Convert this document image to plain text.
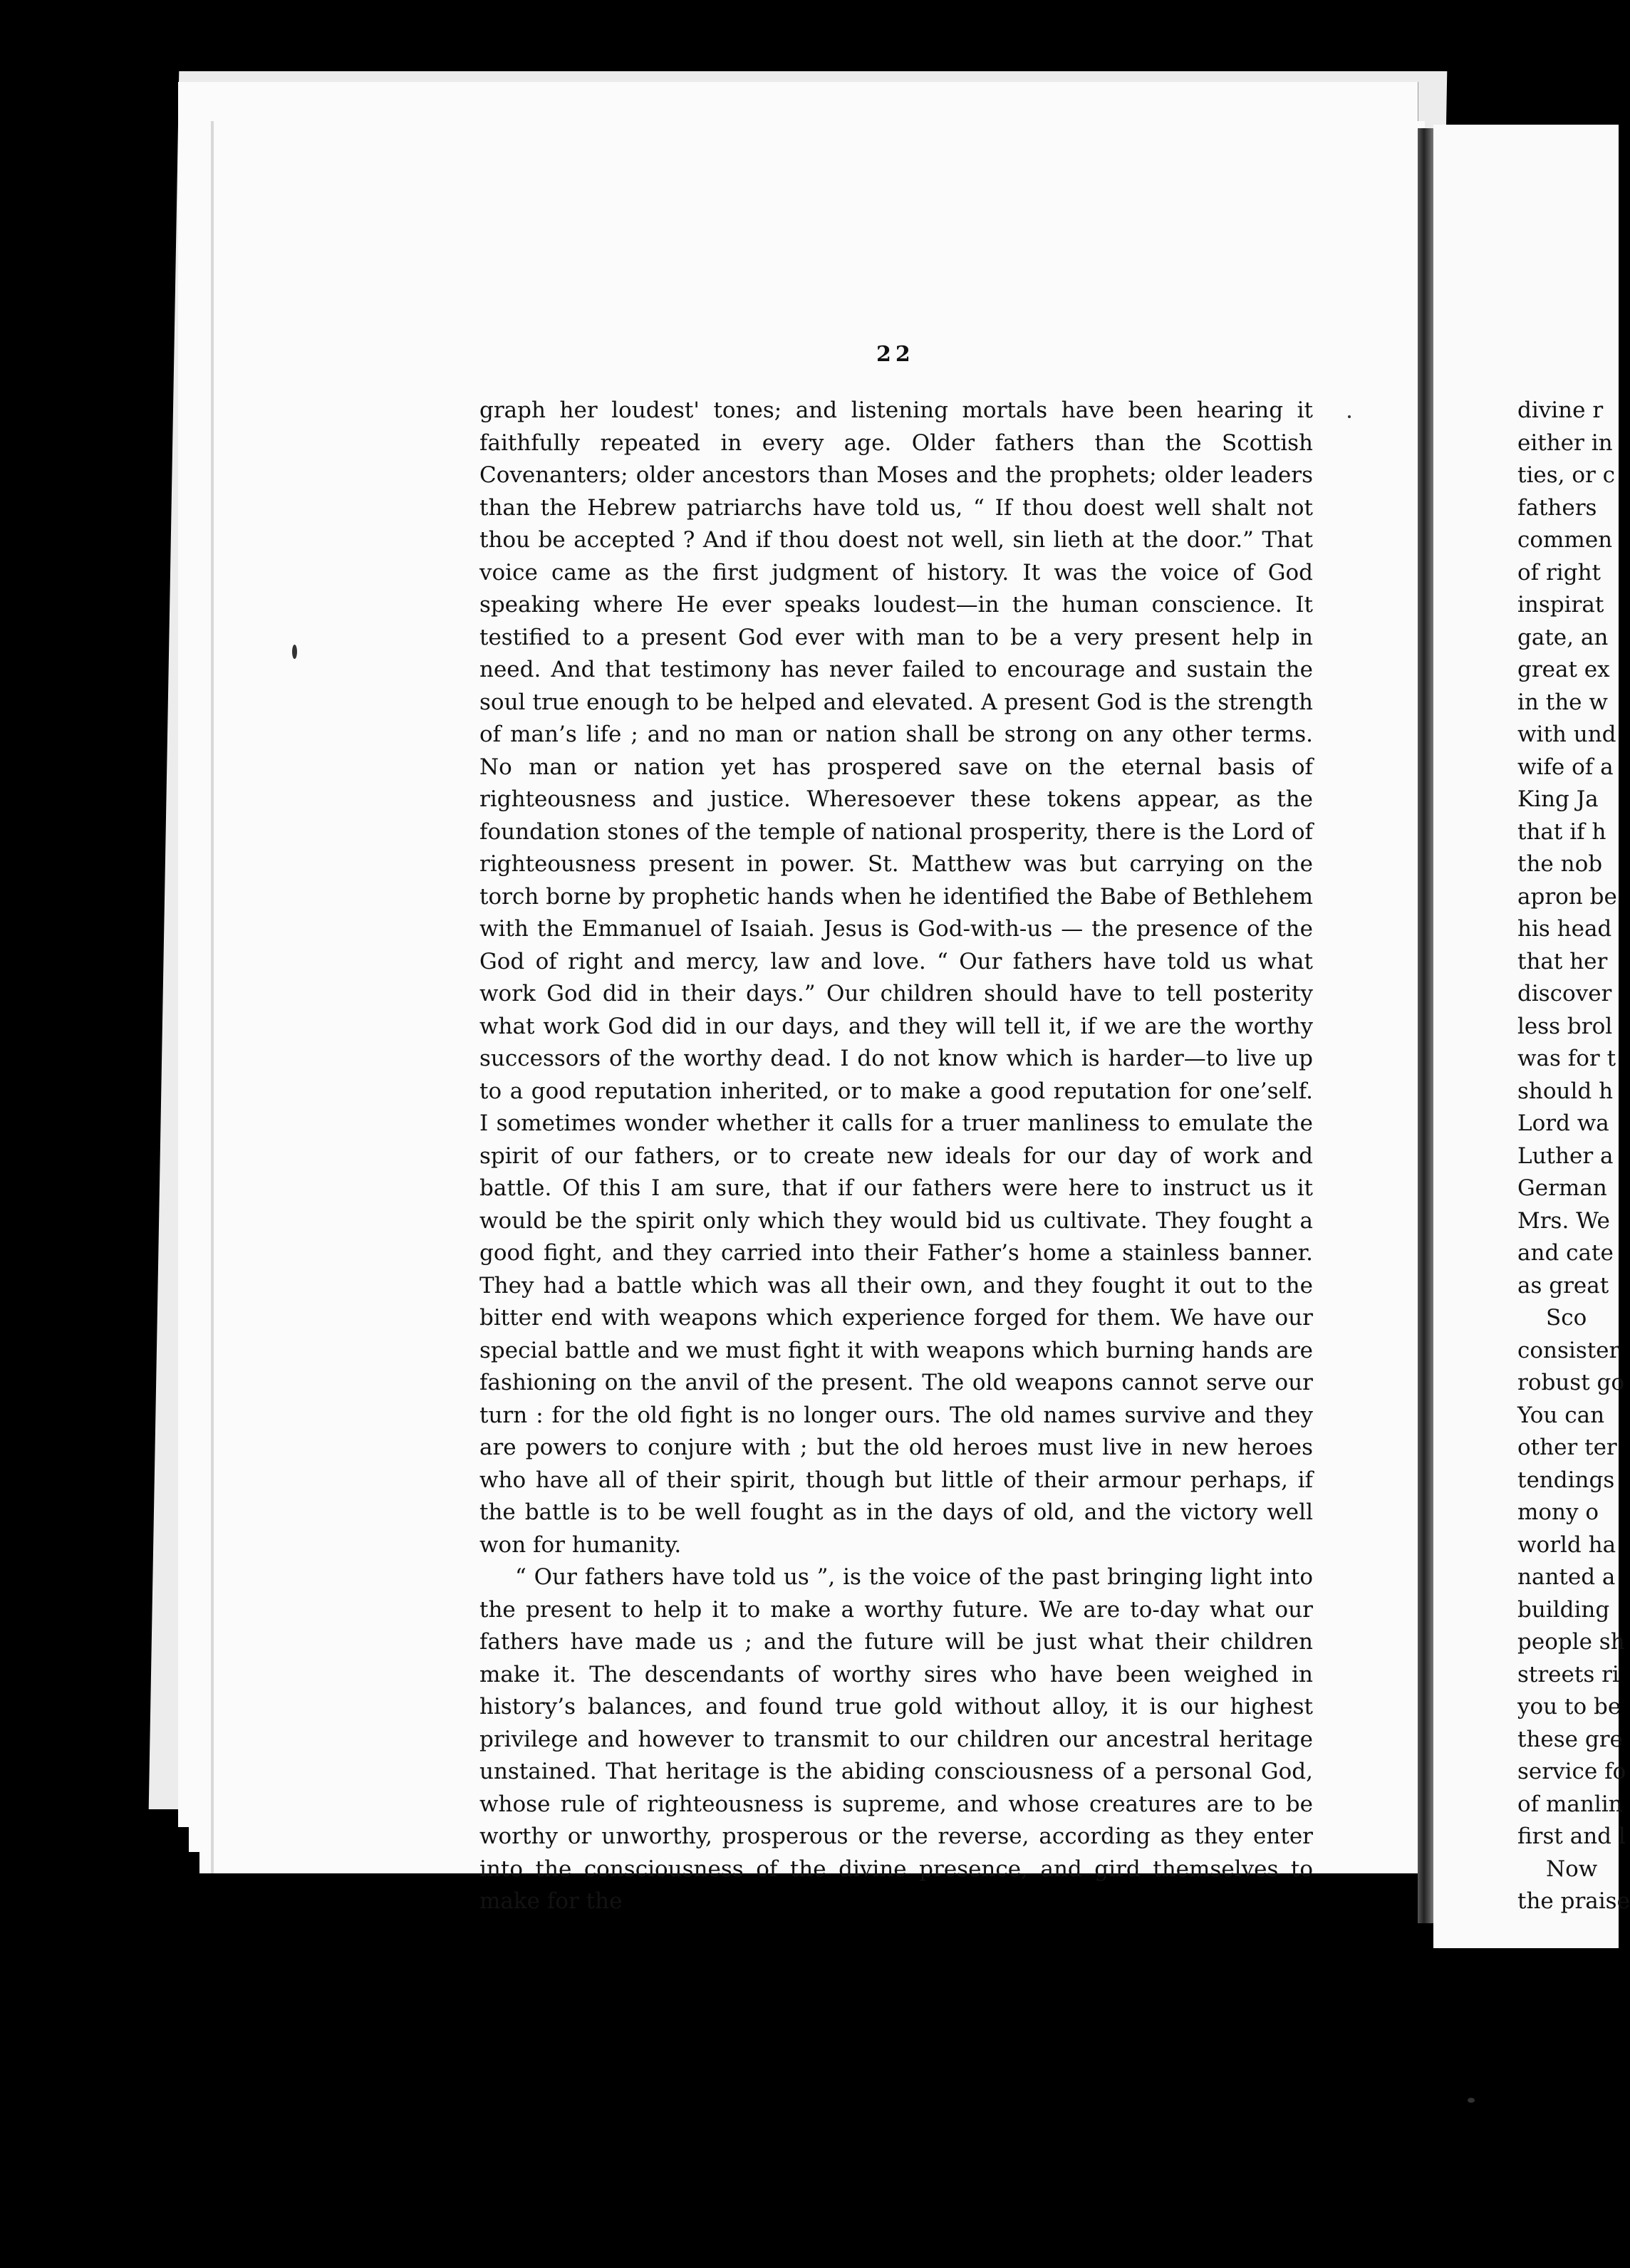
22

graph her loudest' tones; and listening mortals have been hearing it faithfully repeated in every age. Older fathers than the Scottish Covenanters; older ancestors than Moses and the prophets; older leaders than the Hebrew patriarchs have told us, “ If thou doest well shalt not thou be accepted ? And if thou doest not well, sin lieth at the door.” That voice came as the first judgment of history. It was the voice of God speaking where He ever speaks loudest—in the human conscience. It testified to a present God ever with man to be a very present help in need. And that testimony has never failed to encourage and sustain the soul true enough to be helped and elevated. A present God is the strength of man’s life ; and no man or nation shall be strong on any other terms. No man or nation yet has prospered save on the eternal basis of righteousness and justice. Wheresoever these tokens appear, as the foundation stones of the temple of national prosperity, there is the Lord of righteousness present in power. St. Matthew was but carrying on the torch borne by prophetic hands when he identified the Babe of Bethlehem with the Emmanuel of Isaiah. Jesus is God-with-us — the presence of the God of right and mercy, law and love. “ Our fathers have told us what work God did in their days.” Our children should have to tell posterity what work God did in our days, and they will tell it, if we are the worthy successors of the worthy dead. I do not know which is harder—to live up to a good reputation inherited, or to make a good reputation for one’self. I sometimes wonder whether it calls for a truer manliness to emulate the spirit of our fathers, or to create new ideals for our day of work and battle. Of this I am sure, that if our fathers were here to instruct us it would be the spirit only which they would bid us cultivate. They fought a good fight, and they carried into their Father’s home a stainless banner. They had a battle which was all their own, and they fought it out to the bitter end with weapons which experience forged for them. We have our special battle and we must fight it with weapons which burning hands are fashioning on the anvil of the present. The old weapons cannot serve our turn : for the old fight is no longer ours. The old names survive and they are powers to conjure with ; but the old heroes must live in new heroes who have all of their spirit, though but little of their armour perhaps, if the battle is to be well fought as in the days of old, and the victory well won for humanity.

“ Our fathers have told us ”, is the voice of the past bringing light into the present to help it to make a worthy future. We are to-day what our fathers have made us ; and the future will be just what their children make it. The descendants of worthy sires who have been weighed in history’s balances, and found true gold without alloy, it is our highest privilege and however to transmit to our children our ancestral heritage unstained. That heritage is the abiding consciousness of a personal God, whose rule of righteousness is supreme, and whose creatures are to be worthy or unworthy, prosperous or the reverse, according as they enter into the consciousness of the divine presence, and gird themselves to make for the

divine r
either in
ties, or c
fathers
commen
of right
inspirat
gate, an
great ex
in the w
with und
wife of a
King Ja
that if h
the nob
apron be
his head
that her
discover
less brol
was for t
should h
Lord wa
Luther a
German
Mrs. We
and cate
as great
Sco
consister
robust go
You can
other ter
tendings
mony o
world ha
nanted a
building
people sh
streets ri
you to be
these gre
service fo
of manlin
first and l
Now
the praise
